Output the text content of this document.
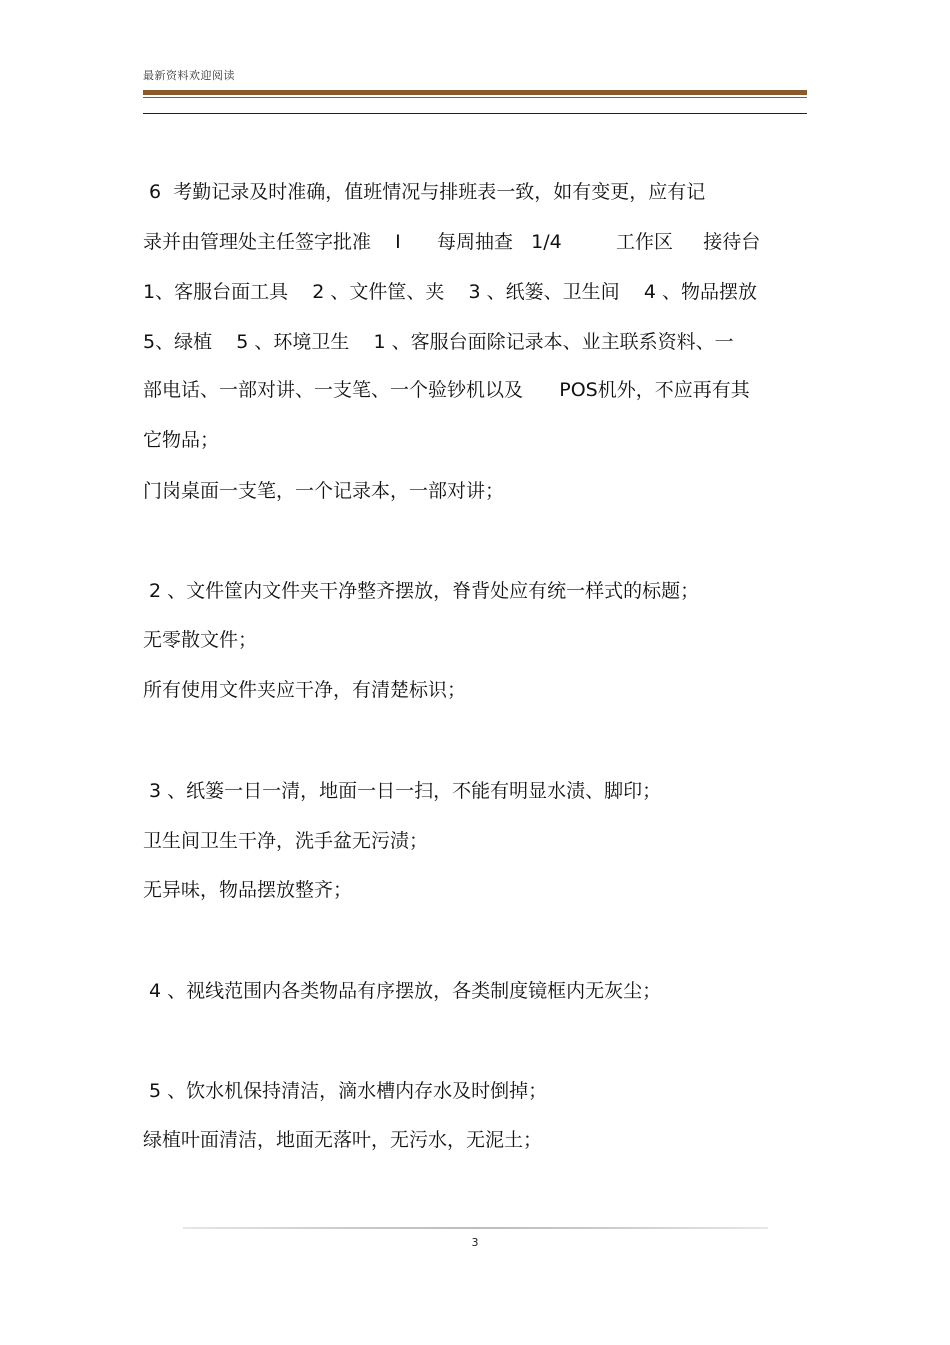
最新资料欢迎阅读
6  考勤记录及时准确，值班情况与排班表一致，如有变更，应有记
录并由管理处主任签字批准    I      每周抽查   1/4         工作区     接待台
1、客服台面工具    2 、文件筐、夹    3 、纸篓、卫生间    4 、物品摆放
5、绿植    5 、环境卫生    1 、客服台面除记录本、业主联系资料、一
部电话、一部对讲、一支笔、一个验钞机以及      POS机外，不应再有其
它物品；
门岗桌面一支笔，一个记录本，一部对讲；
2 、文件筐内文件夹干净整齐摆放，脊背处应有统一样式的标题；
无零散文件；
所有使用文件夹应干净，有清楚标识；
3 、纸篓一日一清，地面一日一扫，不能有明显水渍、脚印；
卫生间卫生干净，洗手盆无污渍；
无异味，物品摆放整齐；
4 、视线范围内各类物品有序摆放，各类制度镜框内无灰尘；
5 、饮水机保持清洁，滴水槽内存水及时倒掉；
绿植叶面清洁，地面无落叶，无污水，无泥土；
3
